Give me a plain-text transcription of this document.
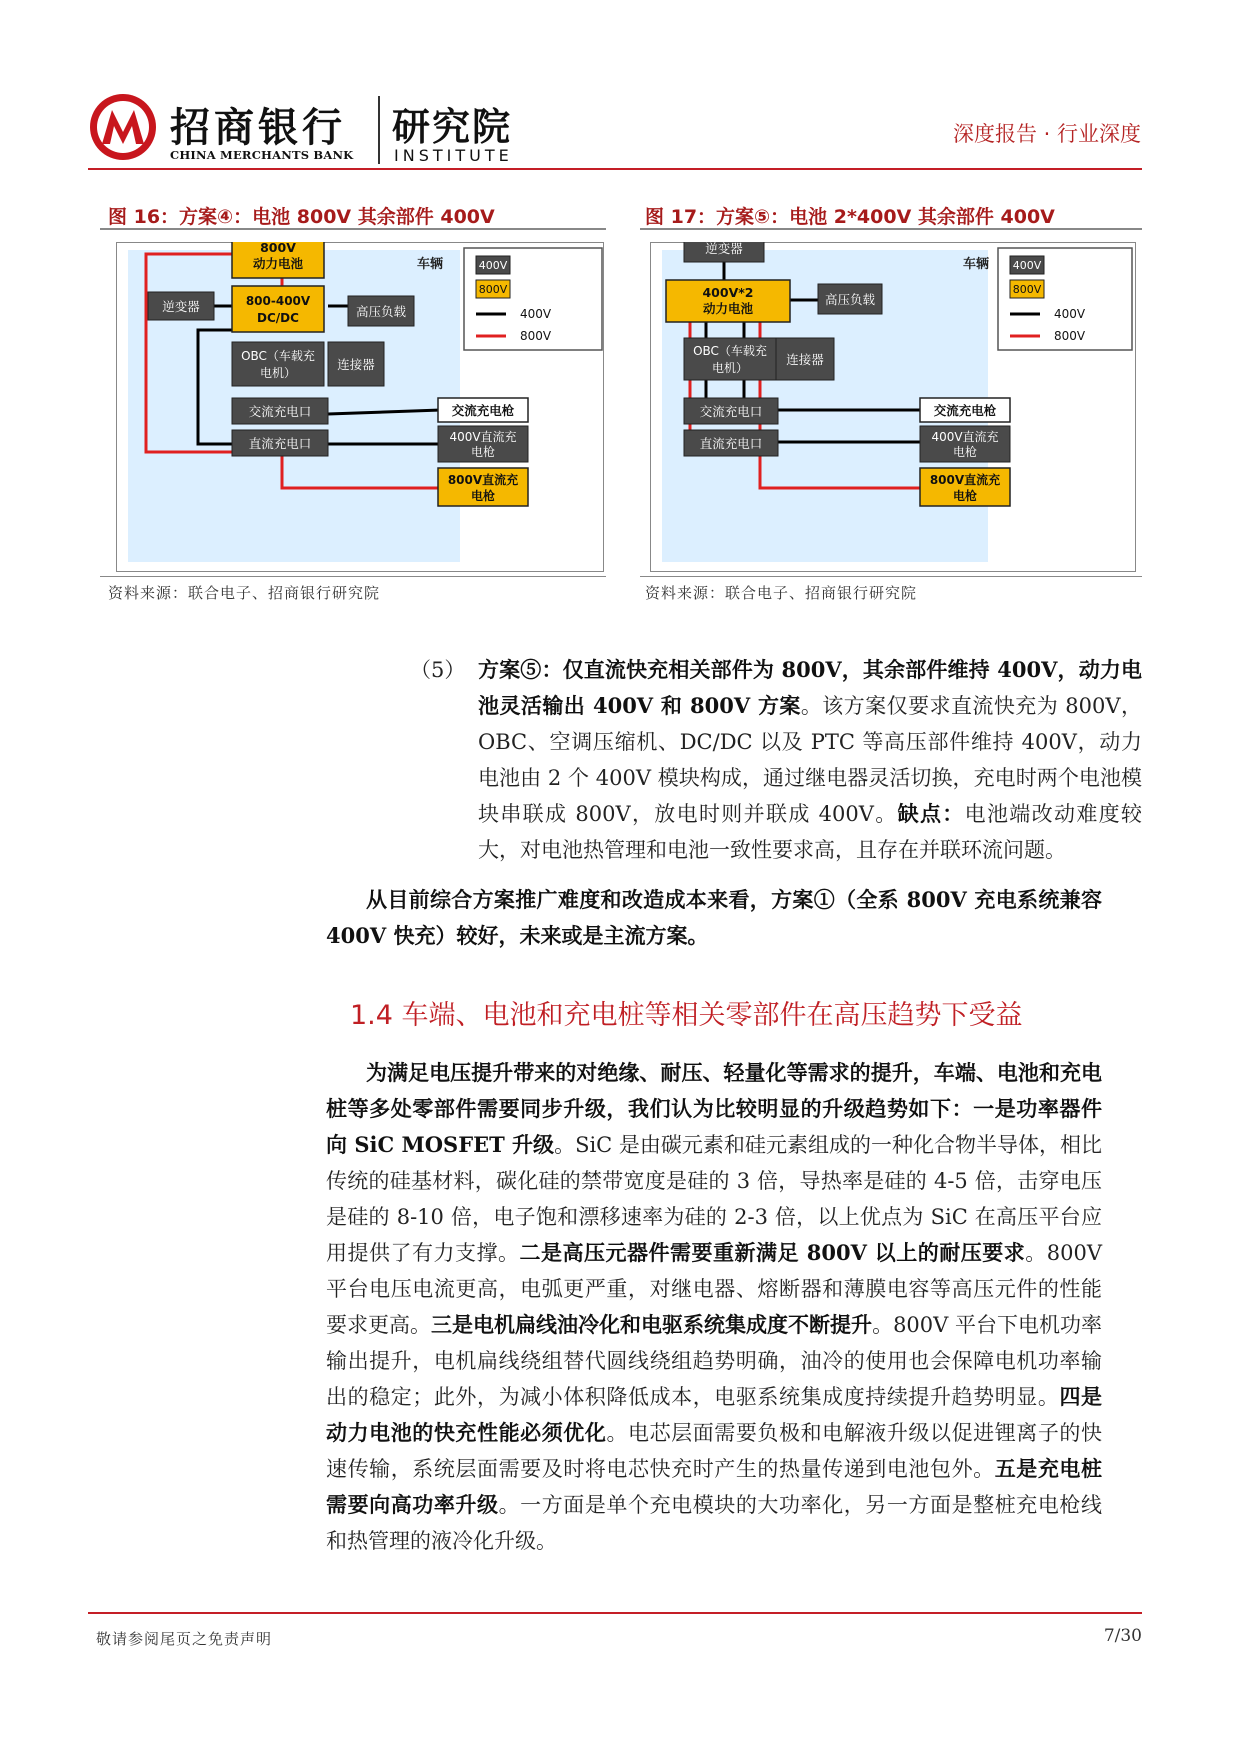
招商银行
CHINA MERCHANTS BANK
研究院
INSTITUTE
深度报告 · 行业深度
图 16：方案④：电池 800V 其余部件 400V
车辆	400V
800V
400V
800V
800V
动力电池
800-400V
DC/DC
逆变器	高压负载
OBC（车载充
电机）
连接器
交流充电口
直流充电口
交流充电枪
400V直流充
电枪
800V直流充
电枪
资料来源：联合电子、招商银行研究院
图 17：方案⑤：电池 2*400V 其余部件 400V
车辆 400V
800V
400V
800V
逆变器
400V*2
动力电池
高压负载
OBC（车载充
电机）
连接器
交流充电口
直流充电口
交流充电枪
400V直流充
电枪
800V直流充
电枪
资料来源：联合电子、招商银行研究院
（5） 方案⑤：仅直流快充相关部件为 800V，其余部件维持 400V，动力电池灵活输出 400V 和 800V 方案。该方案仅要求直流快充为 800V，OBC、空调压缩机、DC/DC 以及 PTC 等高压部件维持 400V，动力电池由 2 个 400V 模块构成，通过继电器灵活切换，充电时两个电池模块串联成 800V，放电时则并联成 400V。缺点：电池端改动难度较大，对电池热管理和电池一致性要求高，且存在并联环流问题。
从目前综合方案推广难度和改造成本来看，方案①（全系 800V 充电系统兼容 400V 快充）较好，未来或是主流方案。
1.4 车端、电池和充电桩等相关零部件在高压趋势下受益
为满足电压提升带来的对绝缘、耐压、轻量化等需求的提升，车端、电池和充电桩等多处零部件需要同步升级，我们认为比较明显的升级趋势如下：一是功率器件向 SiC MOSFET 升级。SiC 是由碳元素和硅元素组成的一种化合物半导体，相比传统的硅基材料，碳化硅的禁带宽度是硅的 3 倍，导热率是硅的 4-5 倍，击穿电压是硅的 8-10 倍，电子饱和漂移速率为硅的 2-3 倍，以上优点为 SiC 在高压平台应用提供了有力支撑。二是高压元器件需要重新满足 800V 以上的耐压要求。800V 平台电压电流更高，电弧更严重，对继电器、熔断器和薄膜电容等高压元件的性能要求更高。三是电机扁线油冷化和电驱系统集成度不断提升。800V 平台下电机功率输出提升，电机扁线绕组替代圆线绕组趋势明确，油冷的使用也会保障电机功率输出的稳定；此外，为减小体积降低成本，电驱系统集成度持续提升趋势明显。四是动力电池的快充性能必须优化。电芯层面需要负极和电解液升级以促进锂离子的快速传输，系统层面需要及时将电芯快充时产生的热量传递到电池包外。五是充电桩需要向高功率升级。一方面是单个充电模块的大功率化，另一方面是整桩充电枪线和热管理的液冷化升级。
敬请参阅尾页之免责声明	7/30
